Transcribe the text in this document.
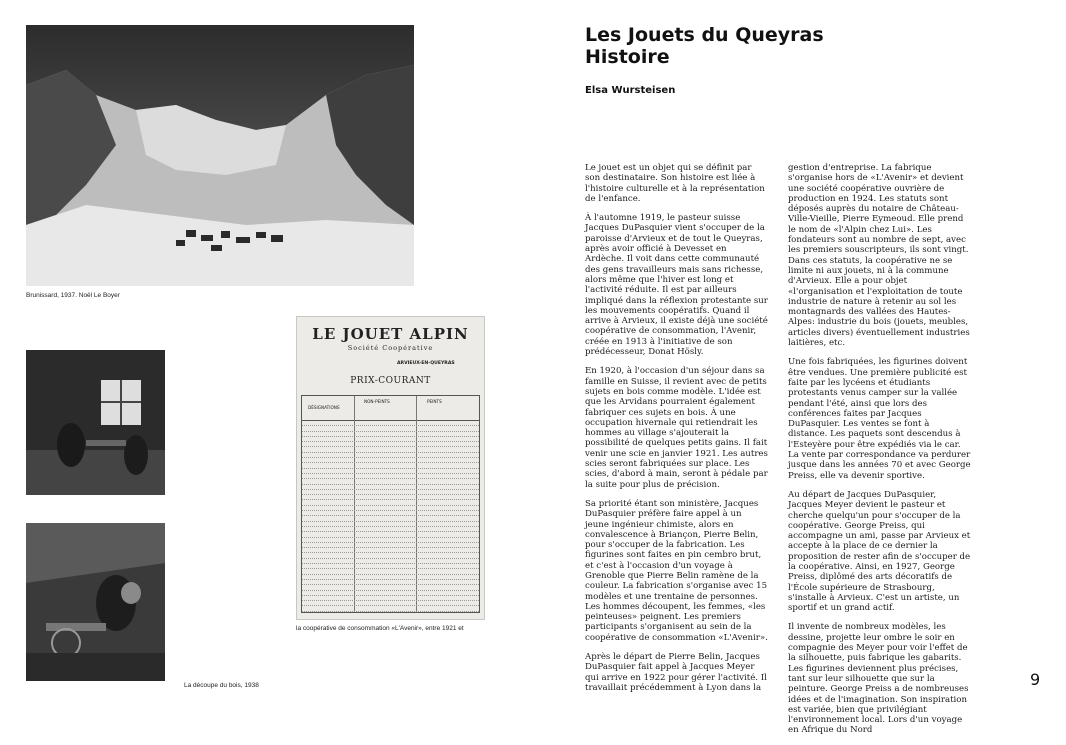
Brunissard, 1937. Noël Le Boyer
La découpe du bois, 1938
LE JOUET ALPIN
Société Coopérative
ARVIEUX-EN-QUEYRAS
PRIX-COURANT
DÉSIGNATIONS
NON-PEINTS	PEINTS
la coopérative de consommation «L'Avenir», entre 1921 et
Les Jouets du Queyras
Histoire
Elsa Wursteisen

Le jouet est un objet qui se définit par son destinataire. Son histoire est liée à l'histoire culturelle et à la représentation de l'enfance.

À l'automne 1919, le pasteur suisse Jacques DuPasquier vient s'occuper de la paroisse d'Arvieux et de tout le Queyras, après avoir officié à Devesset en Ardèche. Il voit dans cette communauté des gens travailleurs mais sans richesse, alors même que l'hiver est long et l'activité réduite. Il est par ailleurs impliqué dans la réflexion protestante sur les mouvements coopératifs. Quand il arrive à Arvieux, il existe déjà une société coopérative de consommation, l'Avenir, créée en 1913 à l'initiative de son prédécesseur, Donat Hösly.

En 1920, à l'occasion d'un séjour dans sa famille en Suisse, il revient avec de petits sujets en bois comme modèle. L'idée est que les Arvidans pourraient également fabriquer ces sujets en bois. À une occupation hivernale qui retiendrait les hommes au village s'ajouterait la possibilité de quelques petits gains. Il fait venir une scie en janvier 1921. Les autres scies seront fabriquées sur place. Les scies, d'abord à main, seront à pédale par la suite pour plus de précision.

Sa priorité étant son ministère, Jacques DuPasquier préfère faire appel à un jeune ingénieur chimiste, alors en convalescence à Briançon, Pierre Belin, pour s'occuper de la fabrication. Les figurines sont faites en pin cembro brut, et c'est à l'occasion d'un voyage à Grenoble que Pierre Belin ramène de la couleur. La fabrication s'organise avec 15 modèles et une trentaine de personnes. Les hommes découpent, les femmes, «les peinteuses» peignent. Les premiers participants s'organisent au sein de la coopérative de consommation «L'Avenir».

Après le départ de Pierre Belin, Jacques DuPasquier fait appel à Jacques Meyer qui arrive en 1922 pour gérer l'activité. Il travaillait précédemment à Lyon dans la

gestion d'entreprise. La fabrique s'organise hors de «L'Avenir» et devient une société coopérative ouvrière de production en 1924. Les statuts sont déposés auprès du notaire de Château-Ville-Vieille, Pierre Eymeoud. Elle prend le nom de «l'Alpin chez Lui». Les fondateurs sont au nombre de sept, avec les premiers souscripteurs, ils sont vingt. Dans ces statuts, la coopérative ne se limite ni aux jouets, ni à la commune d'Arvieux. Elle a pour objet «l'organisation et l'exploitation de toute industrie de nature à retenir au sol les montagnards des vallées des Hautes-Alpes: industrie du bois (jouets, meubles, articles divers) éventuellement industries laitières, etc.

Une fois fabriquées, les figurines doivent être vendues. Une première publicité est faite par les lycéens et étudiants protestants venus camper sur la vallée pendant l'été, ainsi que lors des conférences faites par Jacques DuPasquier. Les ventes se font à distance. Les paquets sont descendus à l'Esteyère pour être expédiés via le car. La vente par correspondance va perdurer jusque dans les années 70 et avec George Preiss, elle va devenir sportive.

Au départ de Jacques DuPasquier, Jacques Meyer devient le pasteur et cherche quelqu'un pour s'occuper de la coopérative. George Preiss, qui accompagne un ami, passe par Arvieux et accepte à la place de ce dernier la proposition de rester afin de s'occuper de la coopérative. Ainsi, en 1927, George Preiss, diplômé des arts décoratifs de l'École supérieure de Strasbourg, s'installe à Arvieux. C'est un artiste, un sportif et un grand actif.

Il invente de nombreux modèles, les dessine, projette leur ombre le soir en compagnie des Meyer pour voir l'effet de la silhouette, puis fabrique les gabarits. Les figurines deviennent plus précises, tant sur leur silhouette que sur la peinture. George Preiss a de nombreuses idées et de l'imagination. Son inspiration est variée, bien que privilégiant l'environnement local. Lors d'un voyage en Afrique du Nord

9
